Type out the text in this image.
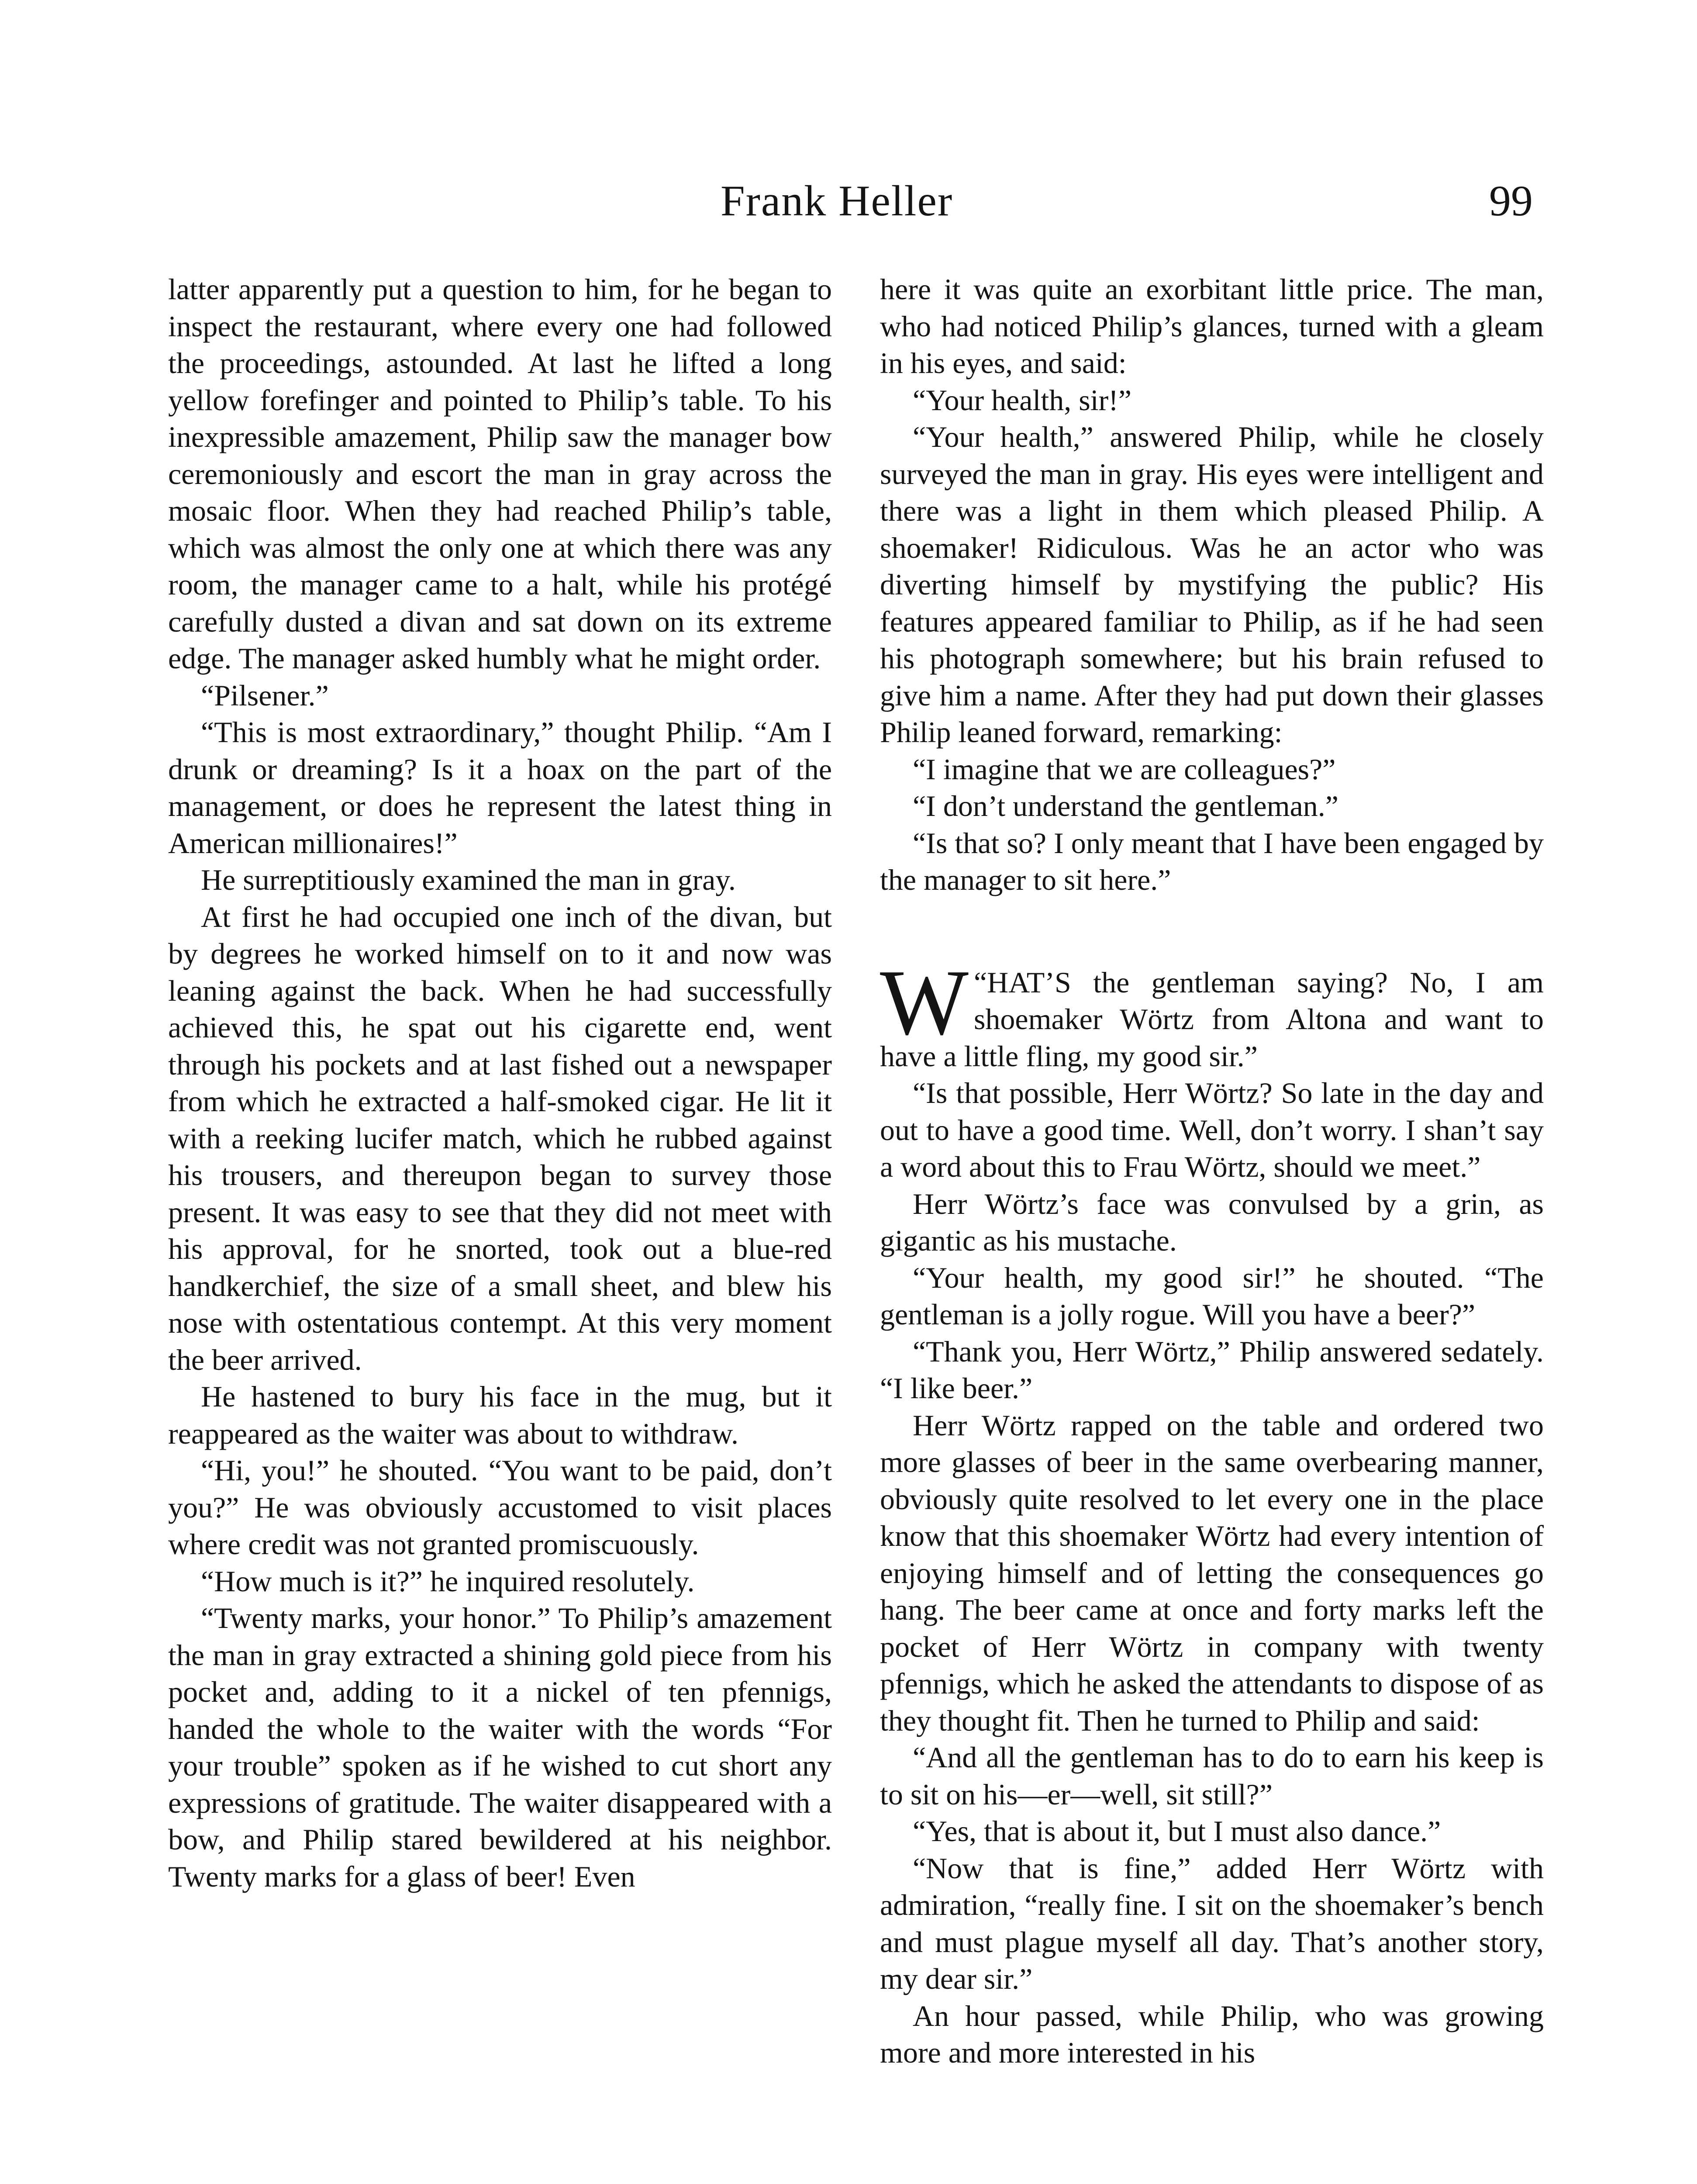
Frank Heller	99

latter apparently put a question to him, for he began to inspect the restaurant, where every one had followed the proceedings, astounded. At last he lifted a long yellow forefinger and pointed to Philip’s table. To his inexpressible amazement, Philip saw the manager bow ceremoniously and escort the man in gray across the mosaic floor. When they had reached Philip’s table, which was almost the only one at which there was any room, the manager came to a halt, while his protégé carefully dusted a divan and sat down on its extreme edge. The manager asked humbly what he might order.

“Pilsener.”

“This is most extraordinary,” thought Philip. “Am I drunk or dreaming? Is it a hoax on the part of the management, or does he represent the latest thing in American millionaires!”

He surreptitiously examined the man in gray.

At first he had occupied one inch of the divan, but by degrees he worked himself on to it and now was leaning against the back. When he had successfully achieved this, he spat out his cigarette end, went through his pockets and at last fished out a newspaper from which he extracted a half-smoked cigar. He lit it with a reeking lucifer match, which he rubbed against his trousers, and thereupon began to survey those present. It was easy to see that they did not meet with his approval, for he snorted, took out a blue-red handkerchief, the size of a small sheet, and blew his nose with ostentatious contempt. At this very moment the beer arrived.

He hastened to bury his face in the mug, but it reappeared as the waiter was about to withdraw.

“Hi, you!” he shouted. “You want to be paid, don’t you?” He was obviously accustomed to visit places where credit was not granted promiscuously.

“How much is it?” he inquired resolutely.

“Twenty marks, your honor.” To Philip’s amazement the man in gray extracted a shining gold piece from his pocket and, adding to it a nickel of ten pfennigs, handed the whole to the waiter with the words “For your trouble” spoken as if he wished to cut short any expressions of gratitude. The waiter disappeared with a bow, and Philip stared bewildered at his neighbor. Twenty marks for a glass of beer! Even

here it was quite an exorbitant little price. The man, who had noticed Philip’s glances, turned with a gleam in his eyes, and said:

“Your health, sir!”

“Your health,” answered Philip, while he closely surveyed the man in gray. His eyes were intelligent and there was a light in them which pleased Philip. A shoemaker! Ridiculous. Was he an actor who was diverting himself by mystifying the public? His features appeared familiar to Philip, as if he had seen his photograph somewhere; but his brain refused to give him a name. After they had put down their glasses Philip leaned forward, remarking:

“I imagine that we are colleagues?”

“I don’t understand the gentleman.”

“Is that so? I only meant that I have been engaged by the manager to sit here.”

“
W HAT’S the gentleman saying? No, I am shoemaker Wörtz from Altona and want to have a little fling, my good sir.”

“Is that possible, Herr Wörtz? So late in the day and out to have a good time. Well, don’t worry. I shan’t say a word about this to Frau Wörtz, should we meet.”

Herr Wörtz’s face was convulsed by a grin, as gigantic as his mustache.

“Your health, my good sir!” he shouted. “The gentleman is a jolly rogue. Will you have a beer?”

“Thank you, Herr Wörtz,” Philip answered sedately. “I like beer.”

Herr Wörtz rapped on the table and ordered two more glasses of beer in the same overbearing manner, obviously quite resolved to let every one in the place know that this shoemaker Wörtz had every intention of enjoying himself and of letting the consequences go hang. The beer came at once and forty marks left the pocket of Herr Wörtz in company with twenty pfennigs, which he asked the attendants to dispose of as they thought fit. Then he turned to Philip and said:

“And all the gentleman has to do to earn his keep is to sit on his—er—well, sit still?”

“Yes, that is about it, but I must also dance.”

“Now that is fine,” added Herr Wörtz with admiration, “really fine. I sit on the shoemaker’s bench and must plague myself all day. That’s another story, my dear sir.”

An hour passed, while Philip, who was growing more and more interested in his
